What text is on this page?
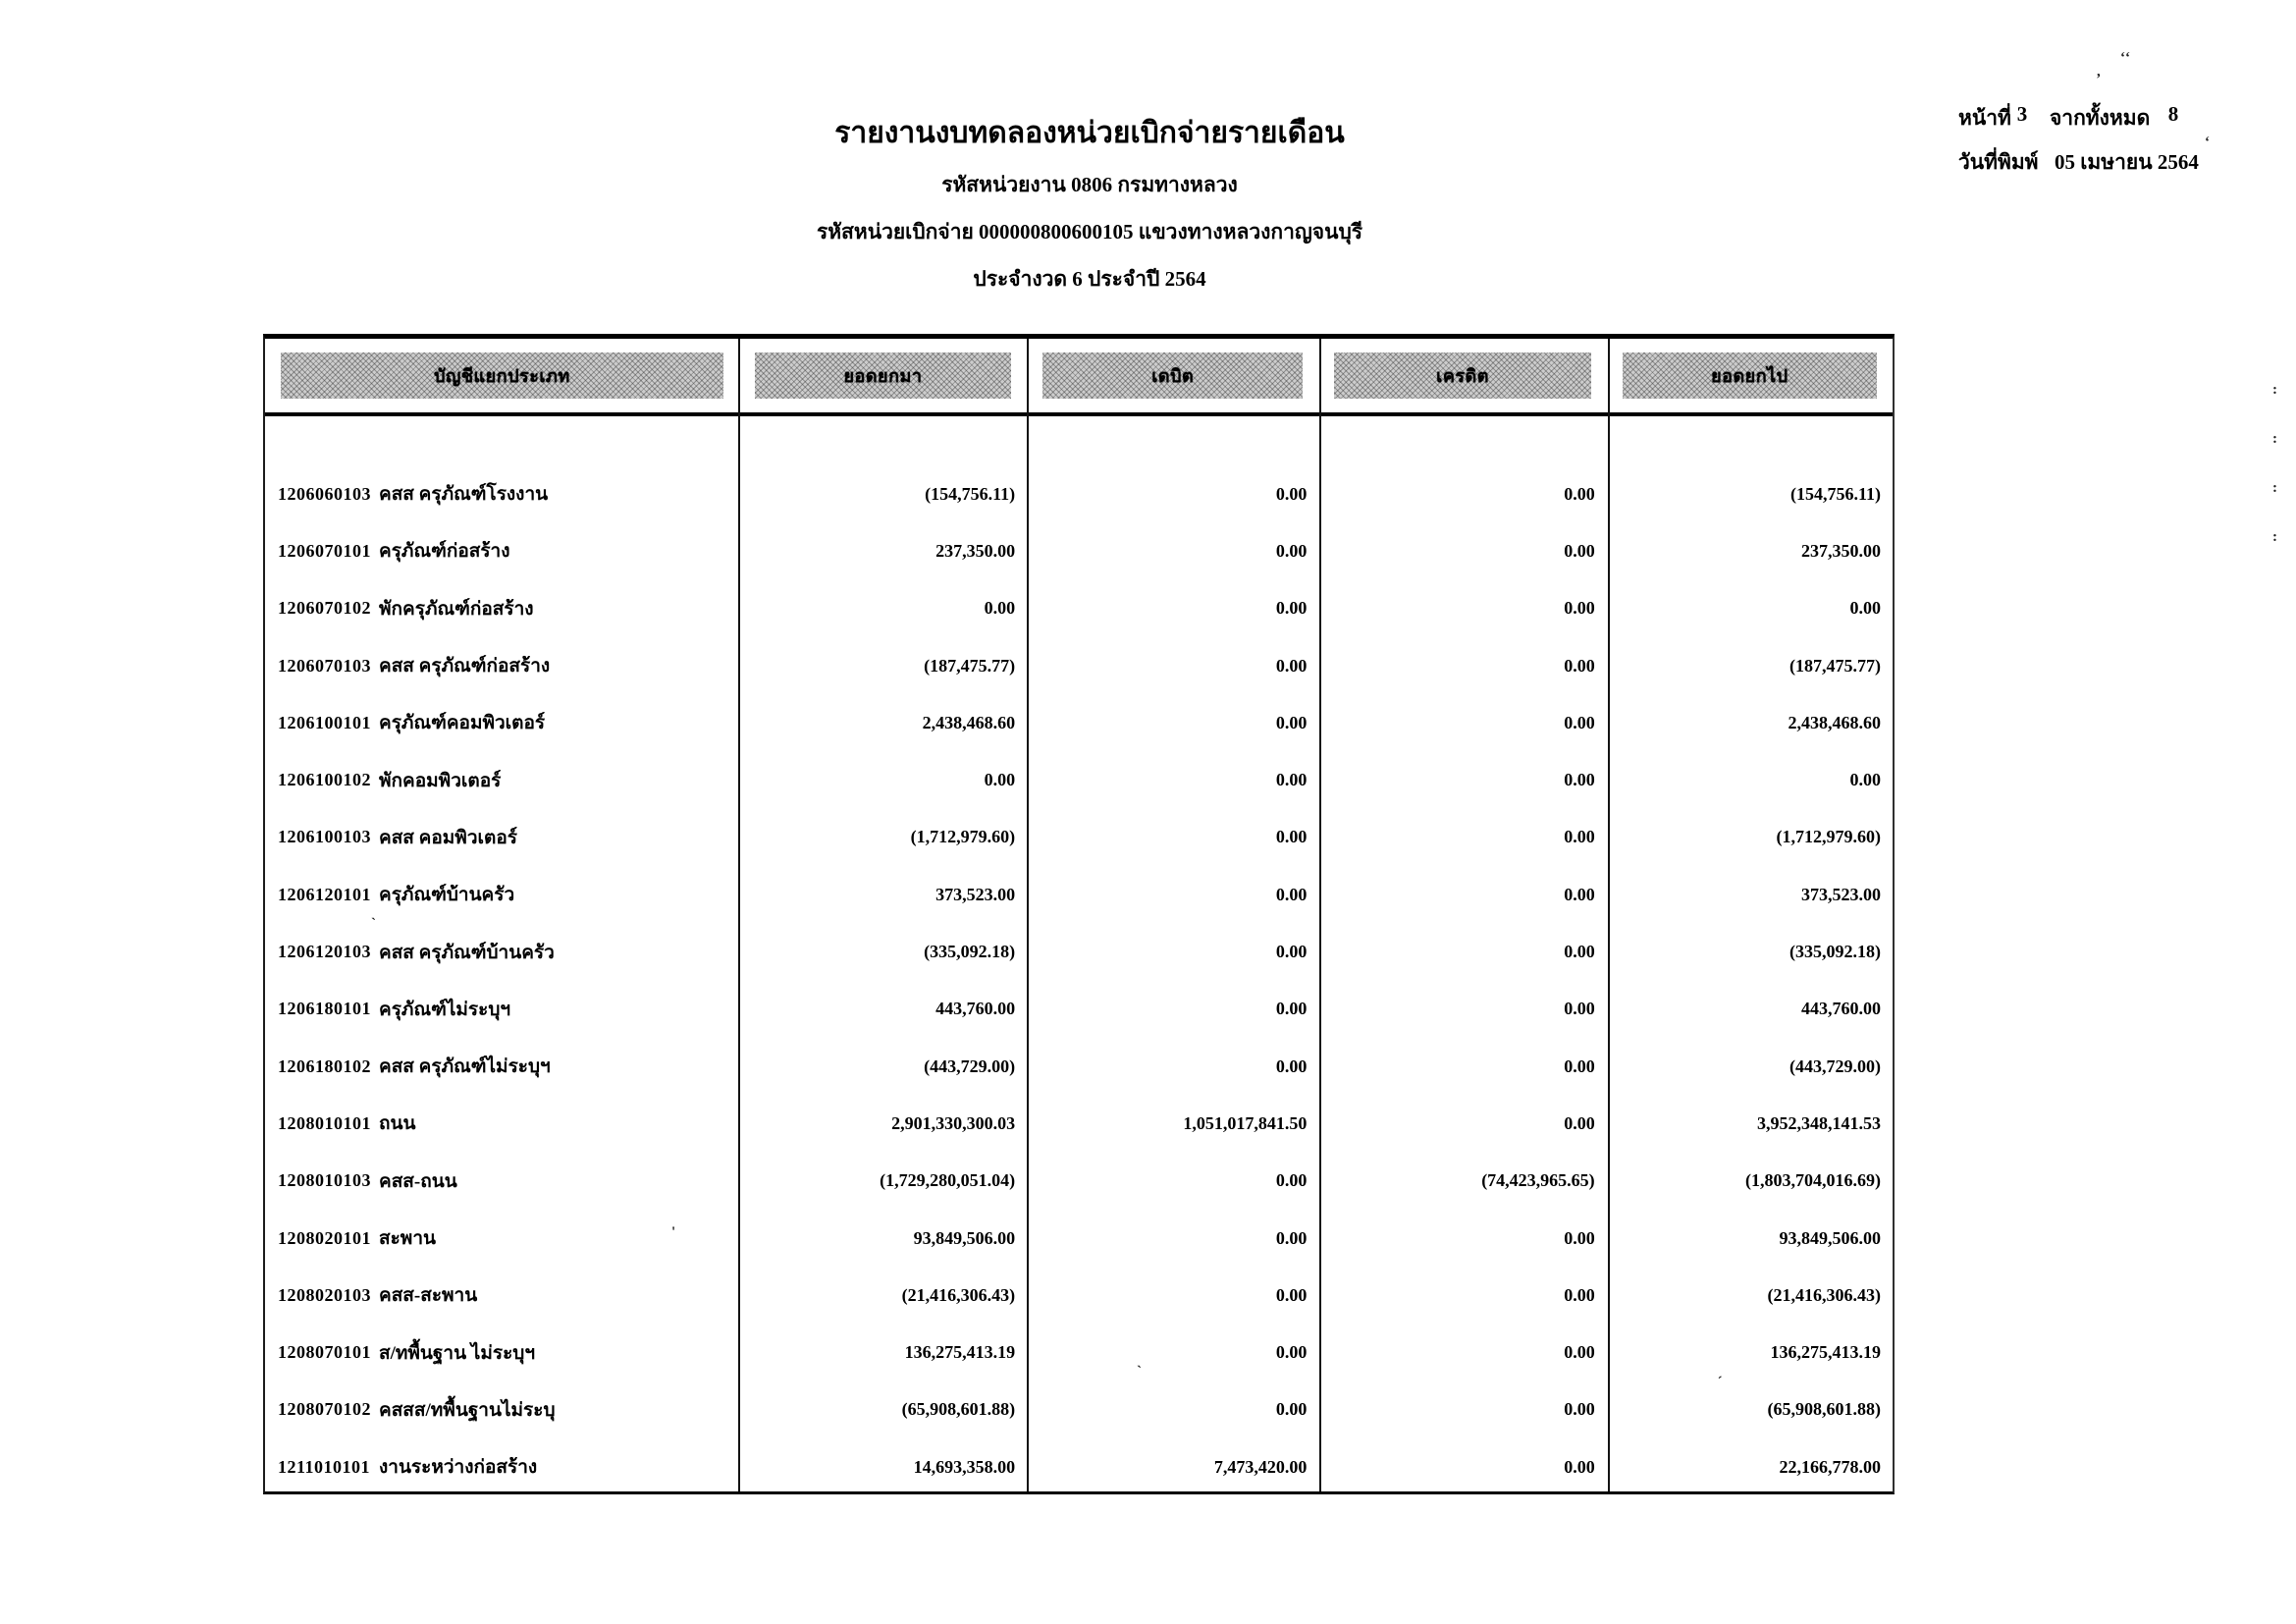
รายงานงบทดลองหน่วยเบิกจ่ายรายเดือน
รหัสหน่วยงาน 0806 กรมทางหลวง
รหัสหน่วยเบิกจ่าย 000000800600105 แขวงทางหลวงกาญจนบุรี
ประจำงวด 6 ประจำปี 2564
หน้าที่ 3	จากทั้งหมด 8
วันที่พิมพ์ 05 เมษายน 2564
บัญชีแยกประเภท	ยอดยกมา	เดบิต	เครดิต	ยอดยกไป
1206060103 คสส ครุภัณฑ์โรงงาน	(154,756.11)	0.00	0.00	(154,756.11)
1206070101 ครุภัณฑ์ก่อสร้าง	237,350.00	0.00	0.00	237,350.00
1206070102 พักครุภัณฑ์ก่อสร้าง	0.00	0.00	0.00	0.00
1206070103 คสส ครุภัณฑ์ก่อสร้าง	(187,475.77)	0.00	0.00	(187,475.77)
1206100101 ครุภัณฑ์คอมพิวเตอร์	2,438,468.60	0.00	0.00	2,438,468.60
1206100102 พักคอมพิวเตอร์	0.00	0.00	0.00	0.00
1206100103 คสส คอมพิวเตอร์	(1,712,979.60)	0.00	0.00	(1,712,979.60)
1206120101 ครุภัณฑ์บ้านครัว	373,523.00	0.00	0.00	373,523.00
1206120103 คสส ครุภัณฑ์บ้านครัว	(335,092.18)	0.00	0.00	(335,092.18)
1206180101 ครุภัณฑ์ไม่ระบุฯ	443,760.00	0.00	0.00	443,760.00
1206180102 คสส ครุภัณฑ์ไม่ระบุฯ	(443,729.00)	0.00	0.00	(443,729.00)
1208010101 ถนน	2,901,330,300.03	1,051,017,841.50	0.00	3,952,348,141.53
1208010103 คสส-ถนน	(1,729,280,051.04)	0.00	(74,423,965.65)	(1,803,704,016.69)
1208020101 สะพาน	93,849,506.00	0.00	0.00	93,849,506.00
1208020103 คสส-สะพาน	(21,416,306.43)	0.00	0.00	(21,416,306.43)
1208070101 ส/ทพื้นฐาน ไม่ระบุฯ	136,275,413.19	0.00	0.00	136,275,413.19
1208070102 คสสส/ทพื้นฐานไม่ระบุ	(65,908,601.88)	0.00	0.00	(65,908,601.88)
1211010101 งานระหว่างก่อสร้าง	14,693,358.00	7,473,420.00	0.00	22,166,778.00
,
ʻʻ
ʻ
:
:
:
:
'
`
`	ˏ
